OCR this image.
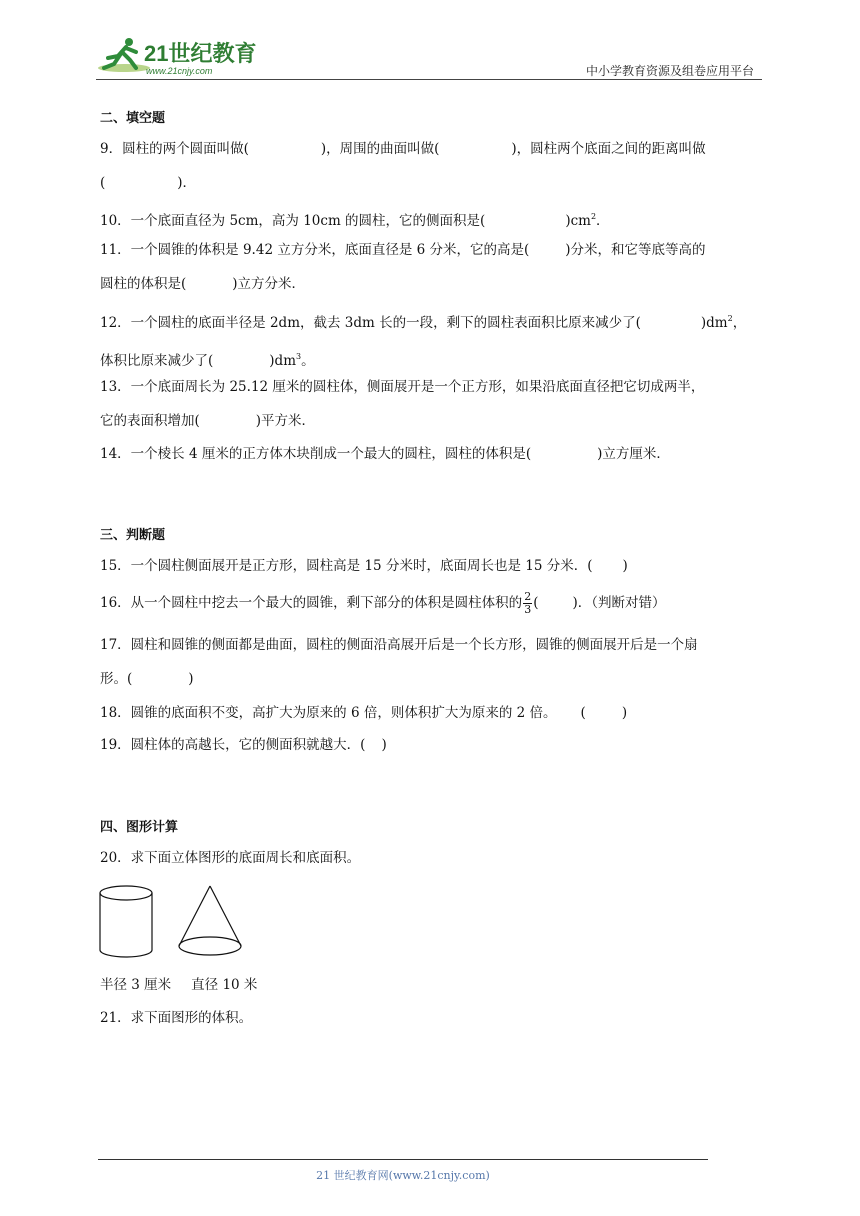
21世纪教育
www.21cnjy.com	中小学教育资源及组卷应用平台
二、填空题
9．圆柱的两个圆面叫做(	)，周围的曲面叫做(	)，圆柱两个底面之间的距离叫做
(	)．
10．一个底面直径为 5cm，高为 10cm 的圆柱，它的侧面积是(	)$cm^2$．
11．一个圆锥的体积是 9.42 立方分米，底面直径是 6 分米，它的高是(	)分米，和它等底等高的
圆柱的体积是(	)立方分米．
12．一个圆柱的底面半径是 2dm，截去 3dm 长的一段，剩下的圆柱表面积比原来减少了(	)$dm^2$，
体积比原来减少了(	)$dm^3$。
13．一个底面周长为 25.12 厘米的圆柱体，侧面展开是一个正方形，如果沿底面直径把它切成两半，
它的表面积增加(	)平方米．
14．一个棱长 4 厘米的正方体木块削成一个最大的圆柱，圆柱的体积是(	)立方厘米．
三、判断题
15．一个圆柱侧面展开是正方形，圆柱高是 15 分米时，底面周长也是 15 分米．( )
16．从一个圆柱中挖去一个最大的圆锥，剩下部分的体积是圆柱体积的 $\frac{2}{3}$ (	)．（判断对错）
17．圆柱和圆锥的侧面都是曲面，圆柱的侧面沿高展开后是一个长方形，圆锥的侧面展开后是一个扇
形。(	)
18．圆锥的底面积不变，高扩大为原来的 6 倍，则体积扩大为原来的 2 倍。 (	)
19．圆柱体的高越长，它的侧面积就越大．( )
四、图形计算
20．求下面立体图形的底面周长和底面积。
半径 3 厘米 直径 10 米
21．求下面图形的体积。
21 世纪教育网(www.21cnjy.com)
